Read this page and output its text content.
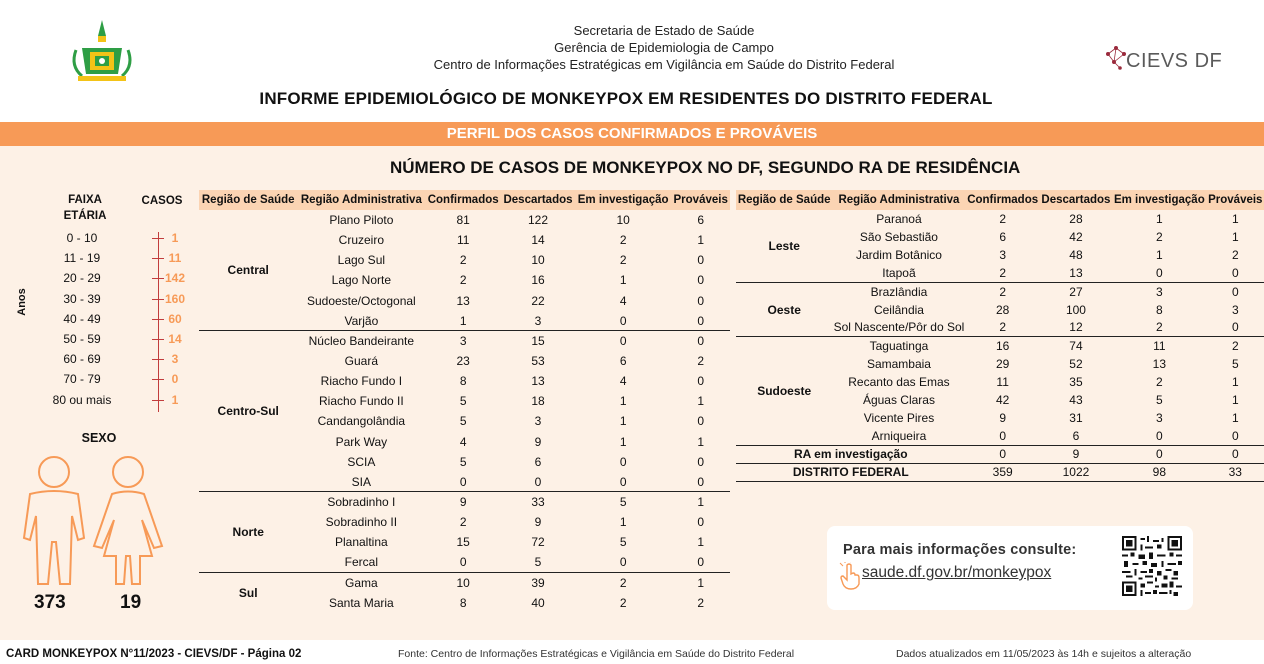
Secretaria de Estado de Saúde
Gerência de Epidemiologia de Campo
Centro de Informações Estratégicas em Vigilância em Saúde do Distrito Federal	CIEVS DF
INFORME EPIDEMIOLÓGICO DE MONKEYPOX EM RESIDENTES DO DISTRITO FEDERAL
PERFIL DOS CASOS CONFIRMADOS E PROVÁVEIS
NÚMERO DE CASOS DE MONKEYPOX NO DF, SEGUNDO RA DE RESIDÊNCIA
Anos
FAIXA
ETÁRIA
CASOS
0 - 10	1
11 - 19	11
20 - 29	142
30 - 39	160
40 - 49	60
50 - 59	14
60 - 69	3
70 - 79	0
80 ou mais	1
SEXO
373	19
Região de Saúde	Região Administrativa	Confirmados	Descartados	Em investigação	Prováveis
Central	Plano Piloto	81	122	10	6
	Cruzeiro	11	14	2	1
	Lago Sul	2	10	2	0
	Lago Norte	2	16	1	0
	Sudoeste/Octogonal	13	22	4	0
	Varjão	1	3	0	0
Centro-Sul	Núcleo Bandeirante	3	15	0	0
	Guará	23	53	6	2
	Riacho Fundo I	8	13	4	0
	Riacho Fundo II	5	18	1	1
	Candangolândia	5	3	1	0
	Park Way	4	9	1	1
	SCIA	5	6	0	0
	SIA	0	0	0	0
Norte	Sobradinho I	9	33	5	1
	Sobradinho II	2	9	1	0
	Planaltina	15	72	5	1
	Fercal	0	5	0	0
Sul	Gama	10	39	2	1
	Santa Maria	8	40	2	2
Região de Saúde	Região Administrativa	Confirmados	Descartados	Em investigação	Prováveis
Leste	Paranoá	2	28	1	1
	São Sebastião	6	42	2	1
	Jardim Botânico	3	48	1	2
	Itapoã	2	13	0	0
Oeste	Brazlândia	2	27	3	0
	Ceilândia	28	100	8	3
	Sol Nascente/Pôr do Sol	2	12	2	0
Sudoeste	Taguatinga	16	74	11	2
	Samambaia	29	52	13	5
	Recanto das Emas	11	35	2	1
	Águas Claras	42	43	5	1
	Vicente Pires	9	31	3	1
	Arniqueira	0	6	0	0
RA em investigação		0	9	0	0
DISTRITO FEDERAL		359	1022	98	33
Para mais informações consulte:
saude.df.gov.br/monkeypox
CARD MONKEYPOX N°11/2023 - CIEVS/DF - Página 02	Fonte: Centro de Informações Estratégicas e Vigilância em Saúde do Distrito Federal	Dados atualizados em 11/05/2023 às 14h e sujeitos a alteração
